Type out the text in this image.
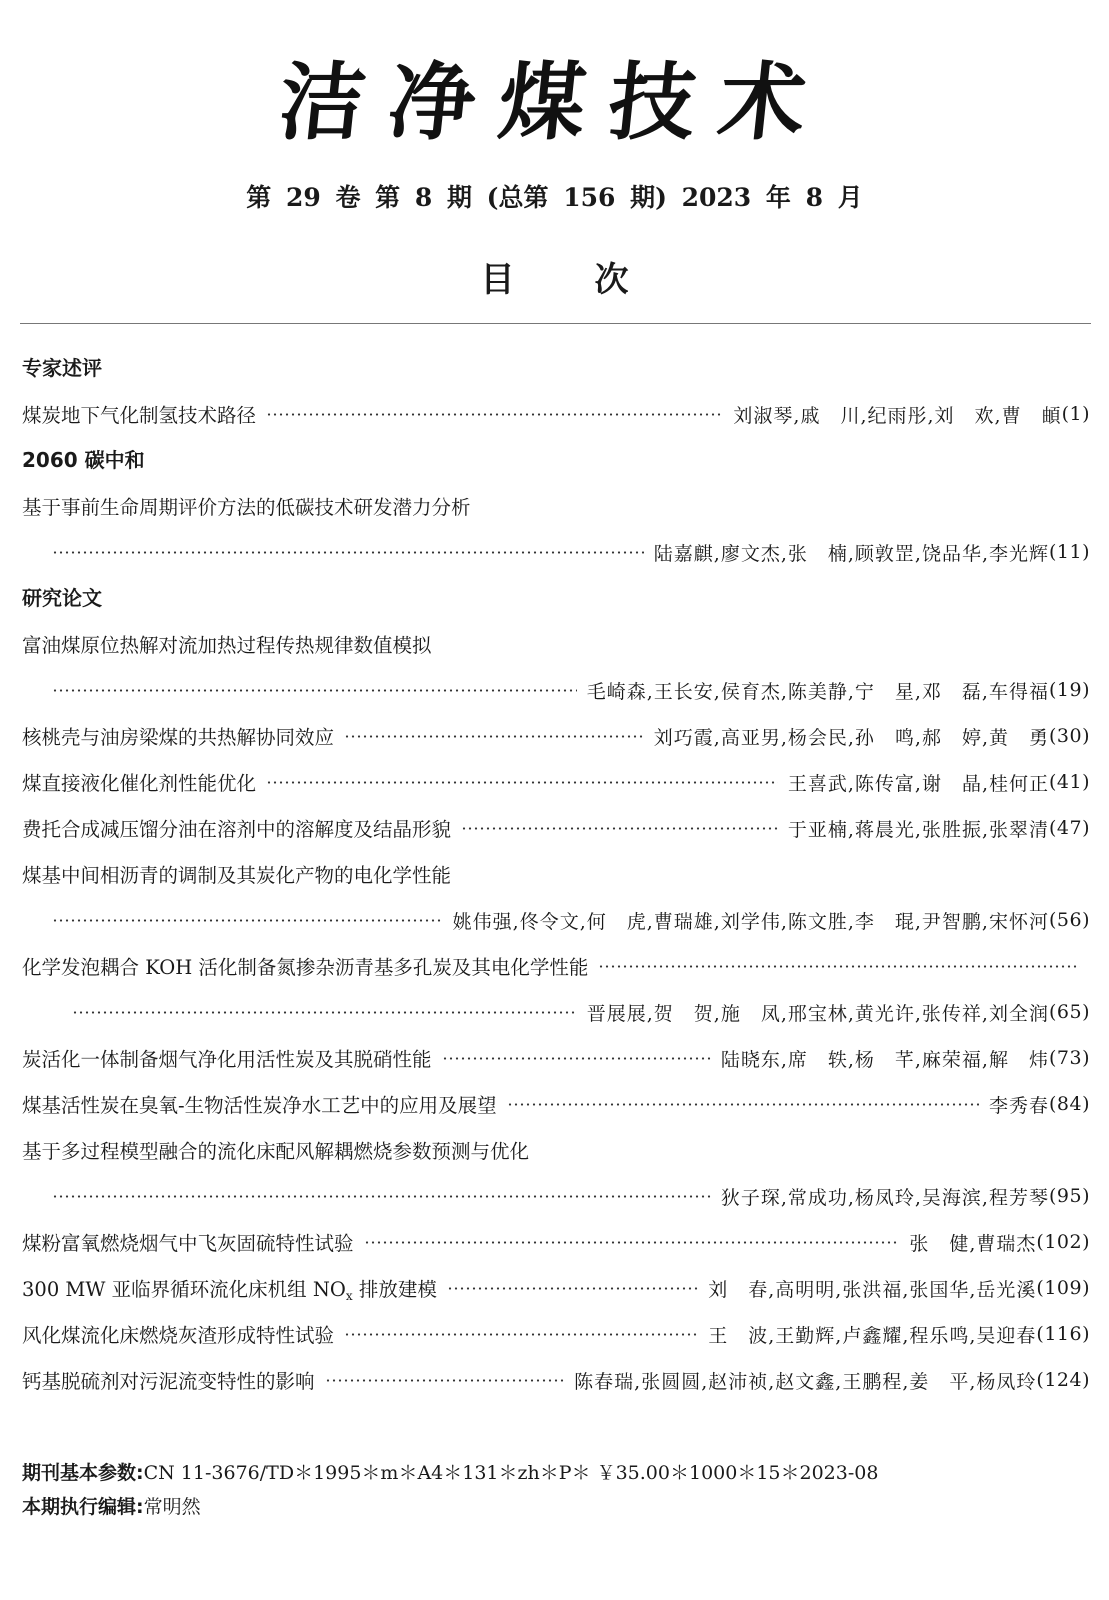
洁净煤技术
第 29 卷 第 8 期 (总第 156 期) 2023 年 8 月
目次
专家述评
煤炭地下气化制氢技术路径	刘淑琴,戚　川,纪雨彤,刘　欢,曹　頔 (1)
2060 碳中和
基于事前生命周期评价方法的低碳技术研发潜力分析
陆嘉麒,廖文杰,张　楠,顾敦罡,饶品华,李光辉 (11)
研究论文
富油煤原位热解对流加热过程传热规律数值模拟
毛崎森,王长安,侯育杰,陈美静,宁　星,邓　磊,车得福 (19)
核桃壳与油房梁煤的共热解协同效应	刘巧霞,高亚男,杨会民,孙　鸣,郝　婷,黄　勇 (30)
煤直接液化催化剂性能优化	王喜武,陈传富,谢　晶,桂何正 (41)
费托合成减压馏分油在溶剂中的溶解度及结晶形貌	于亚楠,蒋晨光,张胜振,张翠清 (47)
煤基中间相沥青的调制及其炭化产物的电化学性能
姚伟强,佟令文,何　虎,曹瑞雄,刘学伟,陈文胜,李　琨,尹智鹏,宋怀河 (56)
化学发泡耦合 KOH 活化制备氮掺杂沥青基多孔炭及其电化学性能
晋展展,贺　贺,施　凤,邢宝林,黄光许,张传祥,刘全润 (65)
炭活化一体制备烟气净化用活性炭及其脱硝性能	陆晓东,席　轶,杨　芊,麻荣福,解　炜 (73)
煤基活性炭在臭氧-生物活性炭净水工艺中的应用及展望	李秀春 (84)
基于多过程模型融合的流化床配风解耦燃烧参数预测与优化
狄子琛,常成功,杨凤玲,吴海滨,程芳琴 (95)
煤粉富氧燃烧烟气中飞灰固硫特性试验	张　健,曹瑞杰 (102)
300 MW 亚临界循环流化床机组 $NO_x$ 排放建模	刘　春,高明明,张洪福,张国华,岳光溪 (109)
风化煤流化床燃烧灰渣形成特性试验	王　波,王勤辉,卢鑫耀,程乐鸣,吴迎春 (116)
钙基脱硫剂对污泥流变特性的影响	陈春瑞,张圆圆,赵沛祯,赵文鑫,王鹏程,姜　平,杨凤玲 (124)
期刊基本参数:CN 11-3676/TD＊1995＊m＊A4＊131＊zh＊P＊ ￥35.00＊1000＊15＊2023-08
本期执行编辑:常明然
